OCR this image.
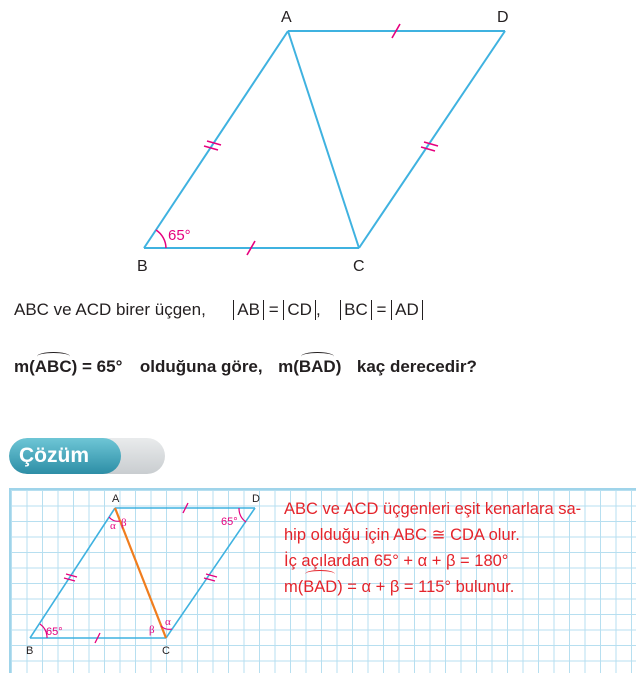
65°
A	D
B	C
ABC ve ACD birer üçgen, AB = CD , BC = AD
m(ABC) = 65° olduğuna göre, m(BAD) kaç derecedir?
Çözüm
65°
65°
α β
β
α
A	D
B	C
ABC ve ACD üçgenleri eşit kenarlara sa-
hip olduğu için ABC ≅ CDA olur.
İç açılardan 65° + α + β = 180°
m(BAD) = α + β = 115° bulunur.
